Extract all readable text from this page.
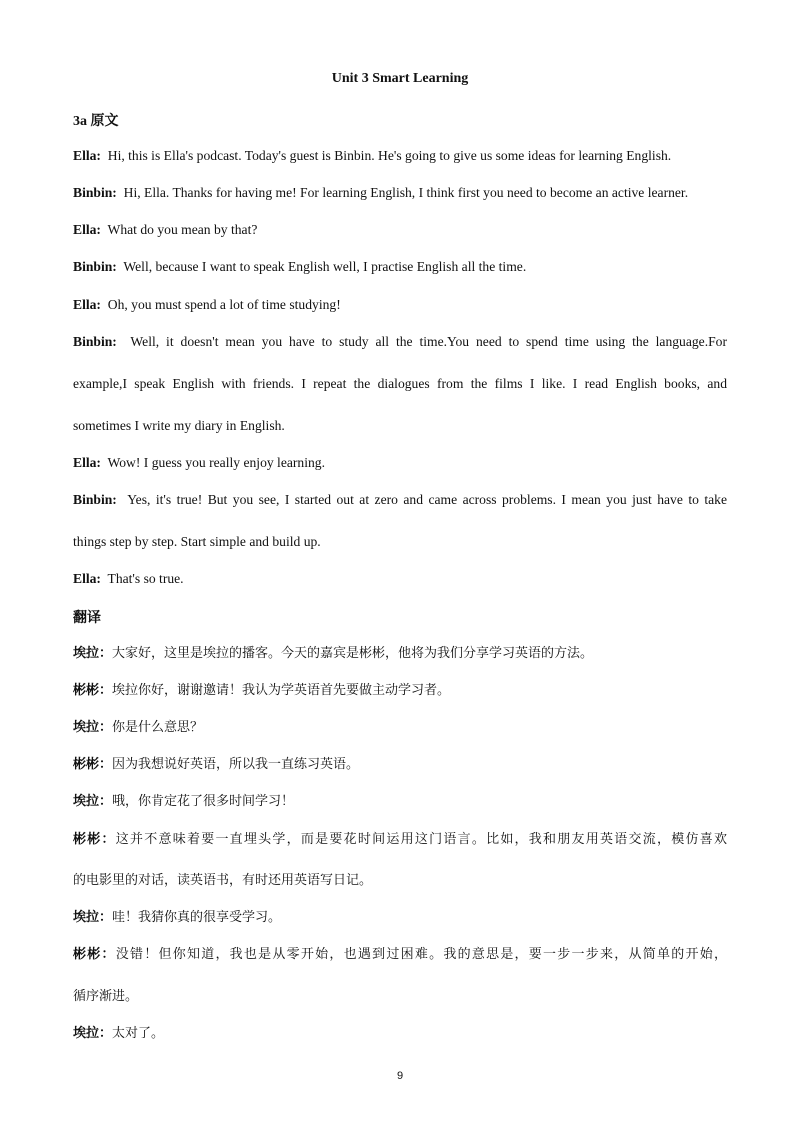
Unit 3 Smart Learning
3a 原文
Ella: Hi, this is Ella's podcast. Today's guest is Binbin. He's going to give us some ideas for learning English.
Binbin: Hi, Ella. Thanks for having me! For learning English, I think first you need to become an active learner.
Ella: What do you mean by that?
Binbin: Well, because I want to speak English well, I practise English all the time.
Ella: Oh, you must spend a lot of time studying!
Binbin: Well, it doesn't mean you have to study all the time.You need to spend time using the language.For
example,I speak English with friends. I repeat the dialogues from the films I like. I read English books, and
sometimes I write my diary in English.
Ella: Wow! I guess you really enjoy learning.
Binbin: Yes, it's true! But you see, I started out at zero and came across problems. I mean you just have to take
things step by step. Start simple and build up.
Ella: That's so true.
翻译
埃拉：大家好，这里是埃拉的播客。今天的嘉宾是彬彬，他将为我们分享学习英语的方法。
彬彬：埃拉你好，谢谢邀请！我认为学英语首先要做主动学习者。
埃拉：你是什么意思？
彬彬：因为我想说好英语，所以我一直练习英语。
埃拉：哦，你肯定花了很多时间学习！
彬彬：这并不意味着要一直埋头学，而是要花时间运用这门语言。比如，我和朋友用英语交流，模仿喜欢
的电影里的对话，读英语书，有时还用英语写日记。
埃拉：哇！我猜你真的很享受学习。
彬彬：没错！但你知道，我也是从零开始，也遇到过困难。我的意思是，要一步一步来，从简单的开始，
循序渐进。
埃拉：太对了。
9
